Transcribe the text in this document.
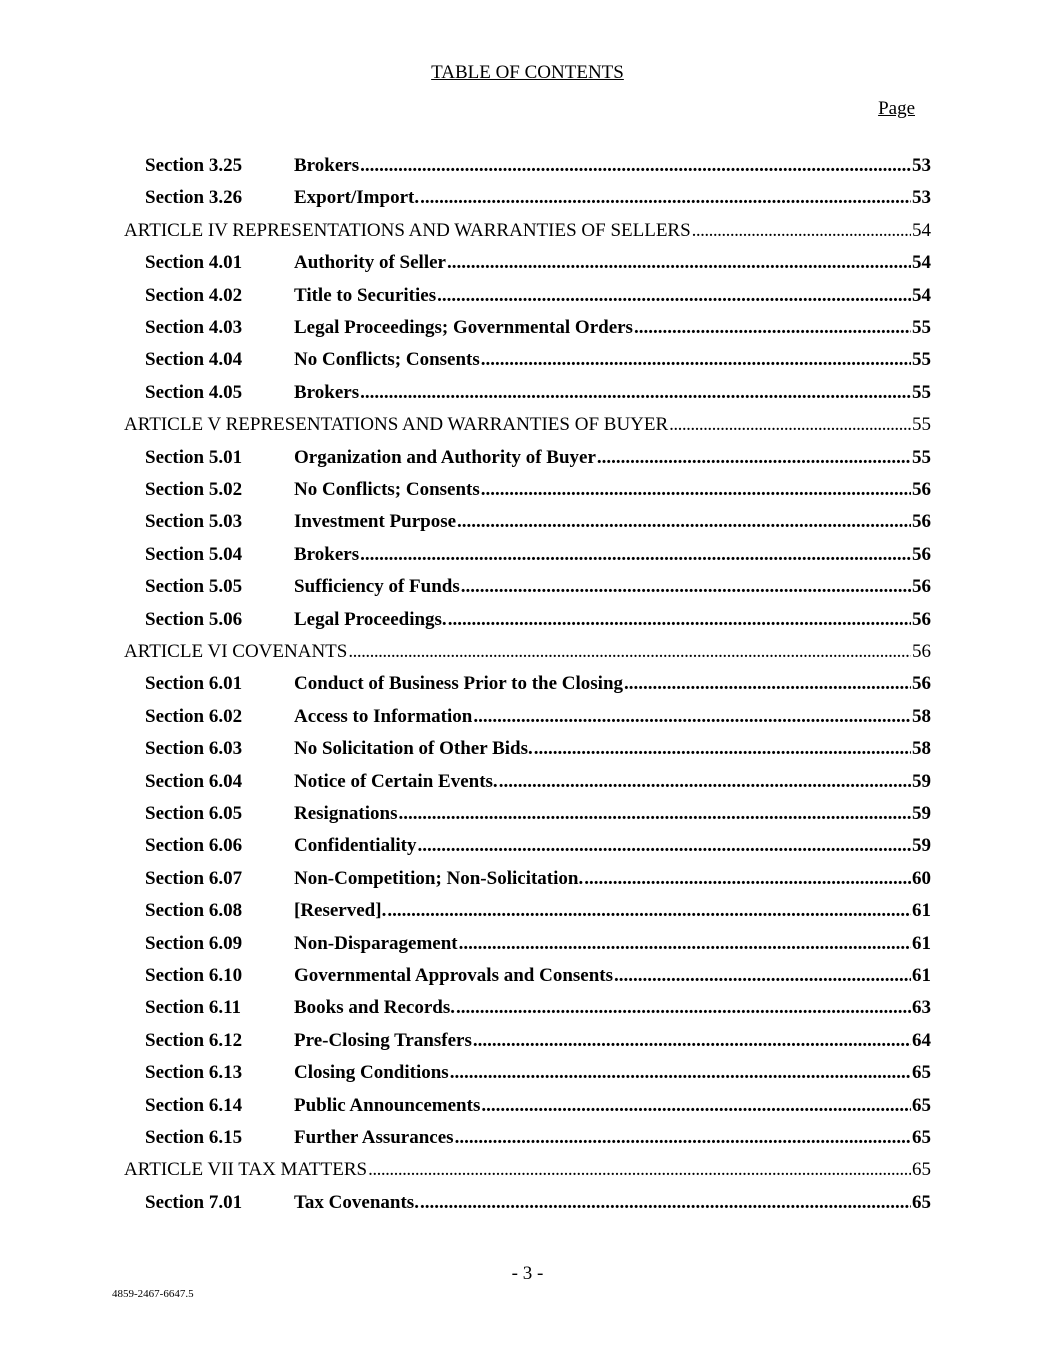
TABLE OF CONTENTS
Page
Section 3.25	Brokers .....	53
Section 3.26	Export/Import. .....	53
ARTICLE IV REPRESENTATIONS AND WARRANTIES OF SELLERS .....	54
Section 4.01	Authority of Seller .....	54
Section 4.02	Title to Securities .....	54
Section 4.03	Legal Proceedings; Governmental Orders .....	55
Section 4.04	No Conflicts; Consents .....	55
Section 4.05	Brokers .....	55
ARTICLE V REPRESENTATIONS AND WARRANTIES OF BUYER .....	55
Section 5.01	Organization and Authority of Buyer .....	55
Section 5.02	No Conflicts; Consents .....	56
Section 5.03	Investment Purpose .....	56
Section 5.04	Brokers .....	56
Section 5.05	Sufficiency of Funds .....	56
Section 5.06	Legal Proceedings. .....	56
ARTICLE VI COVENANTS .....	56
Section 6.01	Conduct of Business Prior to the Closing .....	56
Section 6.02	Access to Information .....	58
Section 6.03	No Solicitation of Other Bids. .....	58
Section 6.04	Notice of Certain Events. .....	59
Section 6.05	Resignations .....	59
Section 6.06	Confidentiality .....	59
Section 6.07	Non-Competition; Non-Solicitation. .....	60
Section 6.08	[Reserved]. .....	61
Section 6.09	Non-Disparagement .....	61
Section 6.10	Governmental Approvals and Consents .....	61
Section 6.11	Books and Records. .....	63
Section 6.12	Pre-Closing Transfers .....	64
Section 6.13	Closing Conditions .....	65
Section 6.14	Public Announcements .....	65
Section 6.15	Further Assurances .....	65
ARTICLE VII TAX MATTERS .....	65
Section 7.01	Tax Covenants. .....	65
- 3 -
4859-2467-6647.5
